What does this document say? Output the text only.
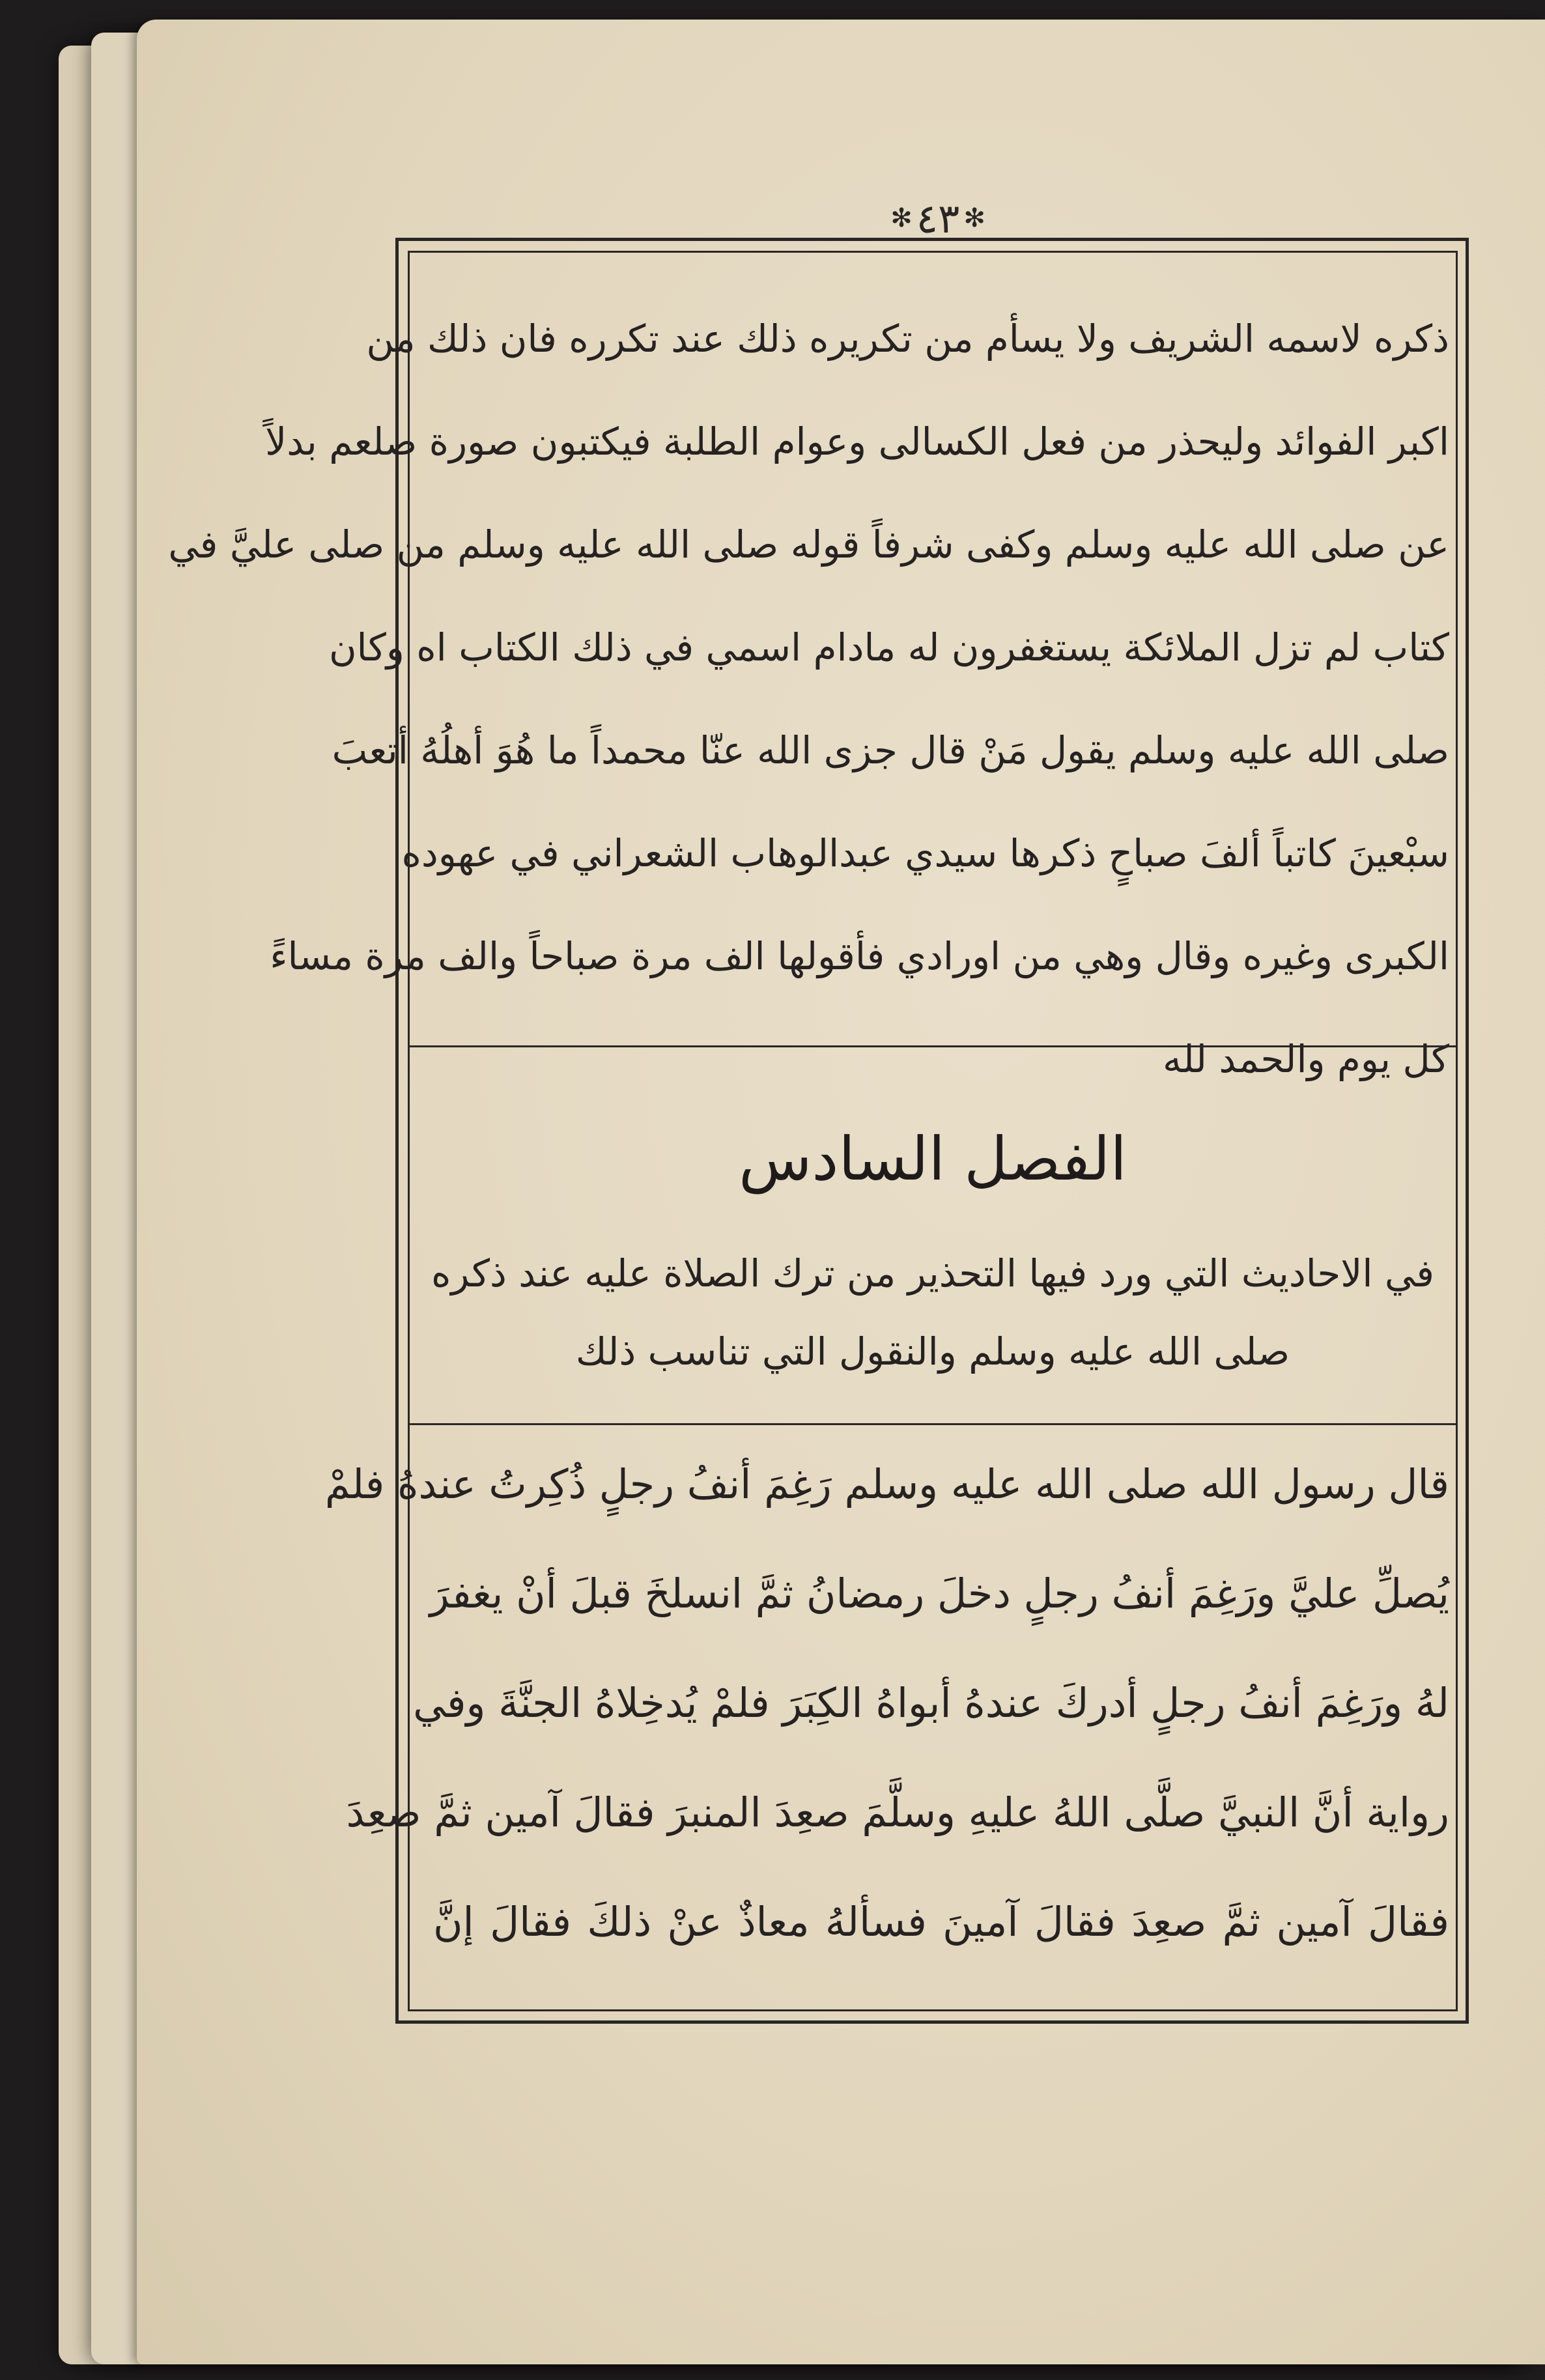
✻
٤٣
✻
ذكره لاسمه الشريف ولا يسأم من تكريره ذلك عند تكرره فان ذلك من
اكبر الفوائد وليحذر من فعل الكسالى وعوام الطلبة فيكتبون صورة صلعم بدلاً
عن صلى الله عليه وسلم وكفى شرفاً قوله صلى الله عليه وسلم من صلى عليَّ في
كتاب لم تزل الملائكة يستغفرون له مادام اسمي في ذلك الكتاب اه وكان
صلى الله عليه وسلم يقول مَنْ قال جزى الله عنّا محمداً ما هُوَ أهلُهُ أتعبَ
سبْعينَ كاتباً ألفَ صباحٍ ذكرها سيدي عبدالوهاب الشعراني في عهوده
الكبرى وغيره وقال وهي من اورادي فأقولها الف مرة صباحاً والف مرة مساءً
كل يوم والحمد لله
الفصل السادس
في الاحاديث التي ورد فيها التحذير من ترك الصلاة عليه عند ذكره
صلى الله عليه وسلم والنقول التي تناسب ذلك
قال رسول الله صلى الله عليه وسلم رَغِمَ أنفُ رجلٍ ذُكِرتُ عندهُ فلمْ
يُصلِّ عليَّ ورَغِمَ أنفُ رجلٍ دخلَ رمضانُ ثمَّ انسلخَ قبلَ أنْ يغفرَ
لهُ ورَغِمَ أنفُ رجلٍ أدركَ عندهُ أبواهُ الكِبَرَ فلمْ يُدخِلاهُ الجنَّةَ وفي
رواية أنَّ النبيَّ صلَّى اللهُ عليهِ وسلَّمَ صعِدَ المنبرَ فقالَ آمين ثمَّ صعِدَ
فقالَ آمين ثمَّ صعِدَ فقالَ آمينَ فسألهُ معاذٌ عنْ ذلكَ فقالَ إنَّ
